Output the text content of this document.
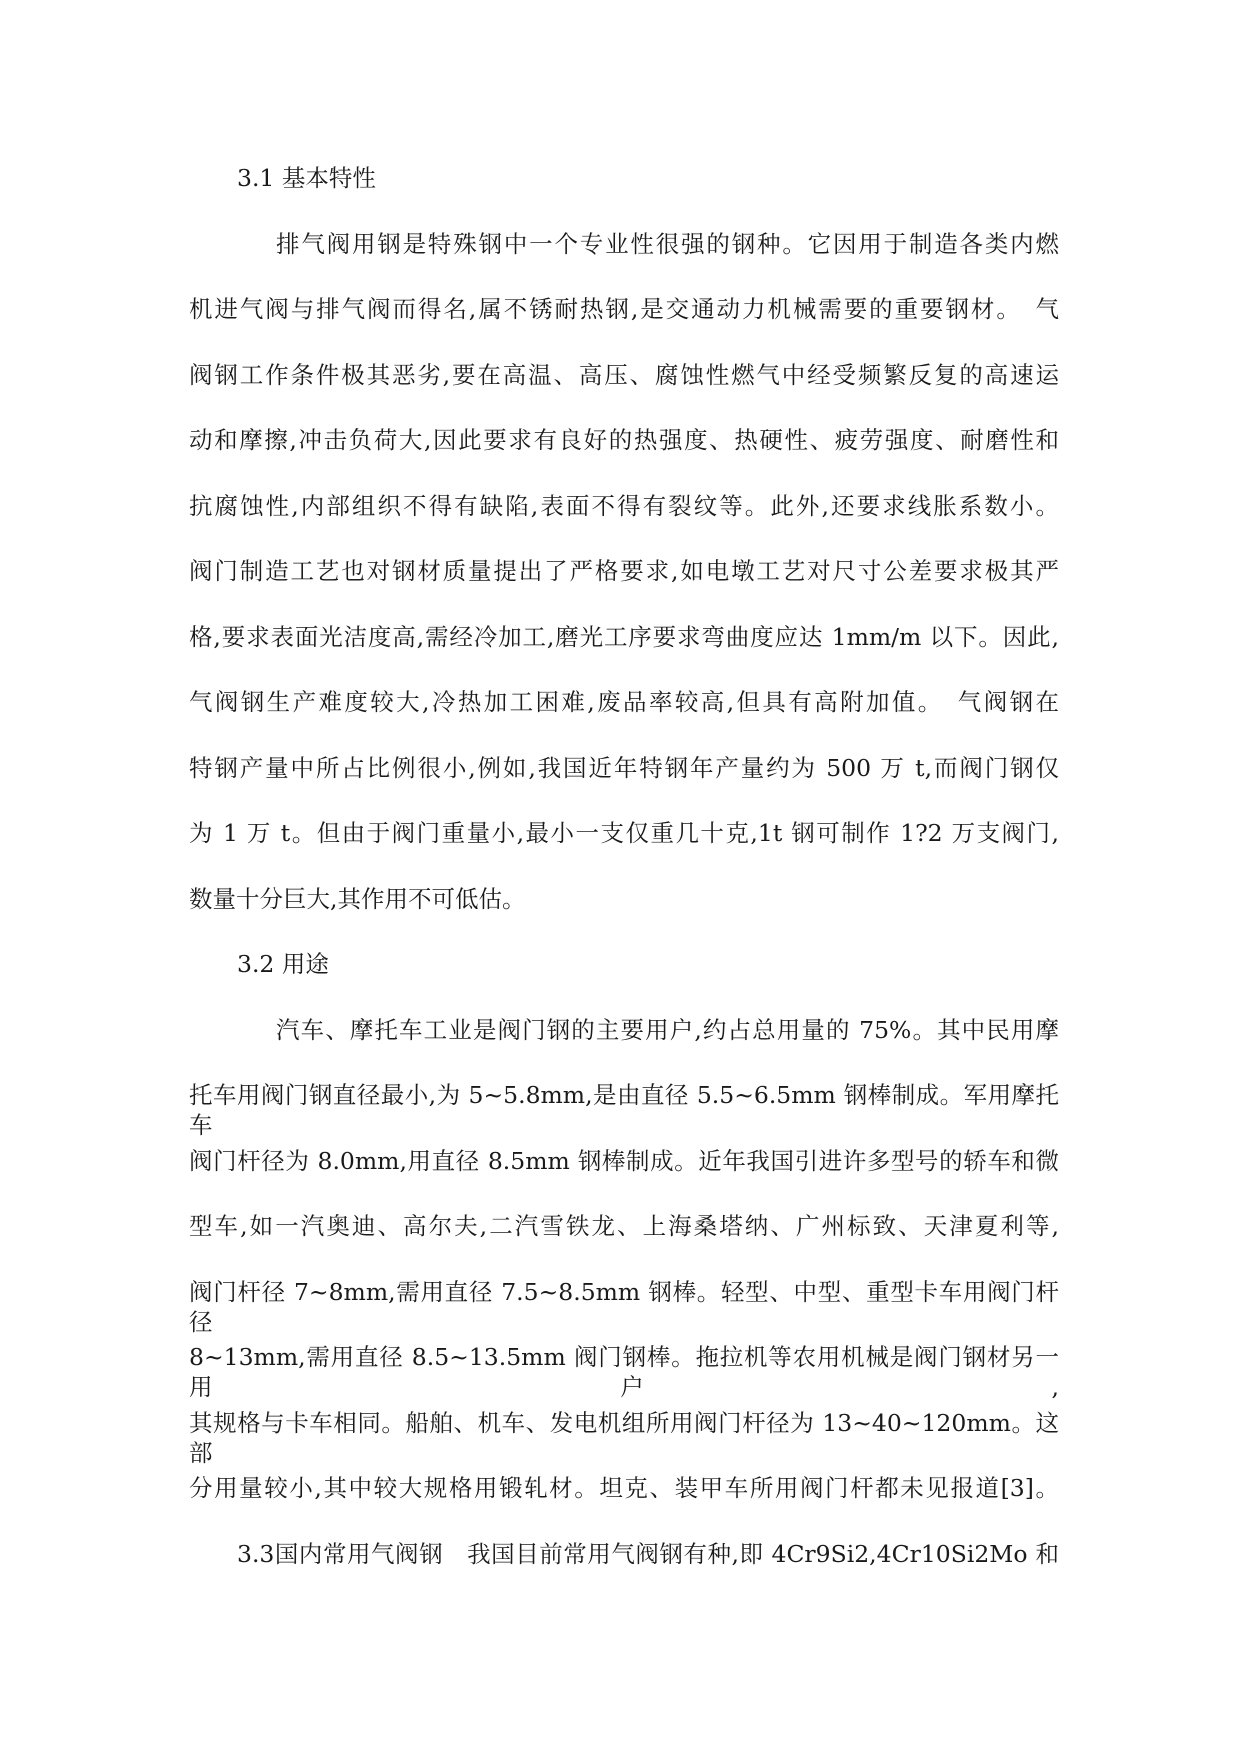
3.1 基本特性
排气阀用钢是特殊钢中一个专业性很强的钢种。它因用于制造各类内燃
机进气阀与排气阀而得名,属不锈耐热钢,是交通动力机械需要的重要钢材。　气
阀钢工作条件极其恶劣,要在高温、高压、腐蚀性燃气中经受频繁反复的高速运
动和摩擦,冲击负荷大,因此要求有良好的热强度、热硬性、疲劳强度、耐磨性和
抗腐蚀性,内部组织不得有缺陷,表面不得有裂纹等。此外,还要求线胀系数小。
阀门制造工艺也对钢材质量提出了严格要求,如电墩工艺对尺寸公差要求极其严
格,要求表面光洁度高,需经冷加工,磨光工序要求弯曲度应达 1mm/m 以下。因此,
气阀钢生产难度较大,冷热加工困难,废品率较高,但具有高附加值。　气阀钢在
特钢产量中所占比例很小,例如,我国近年特钢年产量约为 500 万 t,而阀门钢仅
为 1 万 t。但由于阀门重量小,最小一支仅重几十克,1t 钢可制作 1?2 万支阀门,
数量十分巨大,其作用不可低估。
3.2 用途
汽车、摩托车工业是阀门钢的主要用户,约占总用量的 75%。其中民用摩
托车用阀门钢直径最小,为 5~5.8mm,是由直径 5.5~6.5mm 钢棒制成。军用摩托车
阀门杆径为 8.0mm,用直径 8.5mm 钢棒制成。近年我国引进许多型号的轿车和微
型车,如一汽奥迪、高尔夫,二汽雪铁龙、上海桑塔纳、广州标致、天津夏利等,
阀门杆径 7~8mm,需用直径 7.5~8.5mm 钢棒。轻型、中型、重型卡车用阀门杆径
8~13mm,需用直径 8.5~13.5mm 阀门钢棒。拖拉机等农用机械是阀门钢材另一用户,
其规格与卡车相同。船舶、机车、发电机组所用阀门杆径为 13~40~120mm。这部
分用量较小,其中较大规格用锻轧材。坦克、装甲车所用阀门杆都未见报道[3]。
3.3国内常用气阀钢　我国目前常用气阀钢有种,即 4Cr9Si2,4Cr10Si2Mo 和
